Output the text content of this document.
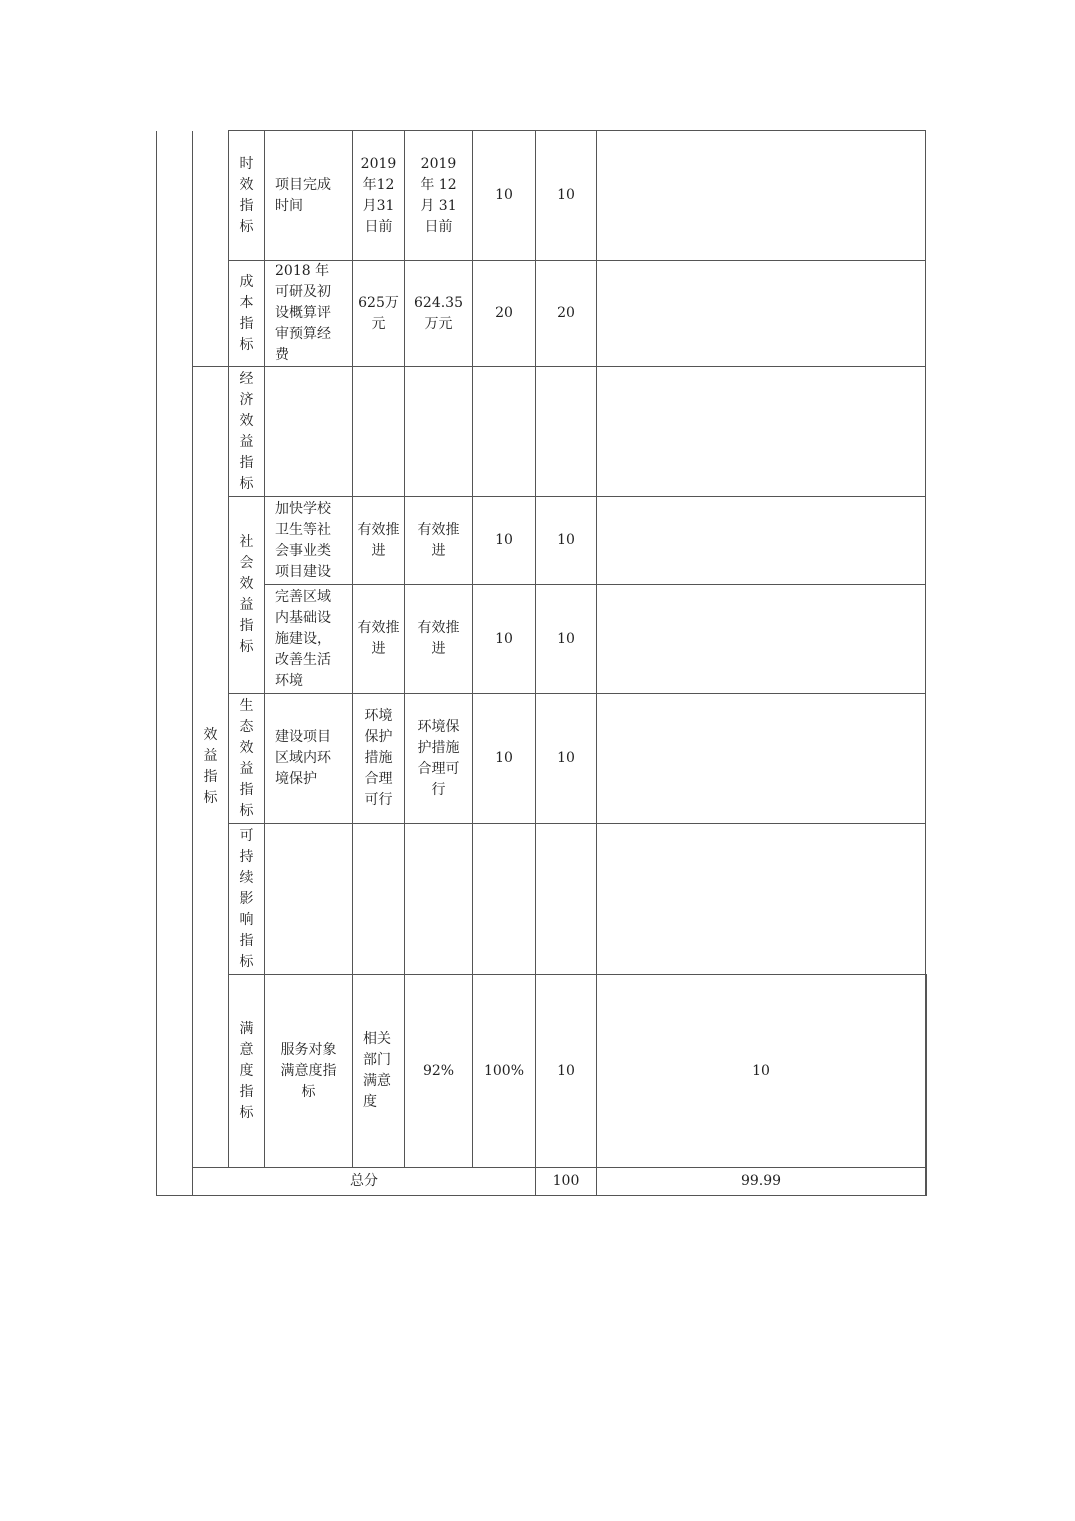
		时效指标	项目完成时间	2019年12月31日前	2019年 12月 31日前	10	10		
		成本指标	2018 年可研及初设概算评审预算经费	625万元	624.35万元	20	20		
	效益指标	经济效益指标							
		社会效益指标	加快学校卫生等社会事业类项目建设	有效推进	有效推进	10	10		
			完善区域内基础设施建设，改善生活环境	有效推进	有效推进	10	10		
		生态效益指标	建设项目区域内环境保护	环境保护措施合理可行	环境保护措施合理可行	10	10		
		可持续影响指标							
		满意度指标	服务对象满意度指标	相关部门满意度	92%	100%	10	10	
	总分						100	99.99	
